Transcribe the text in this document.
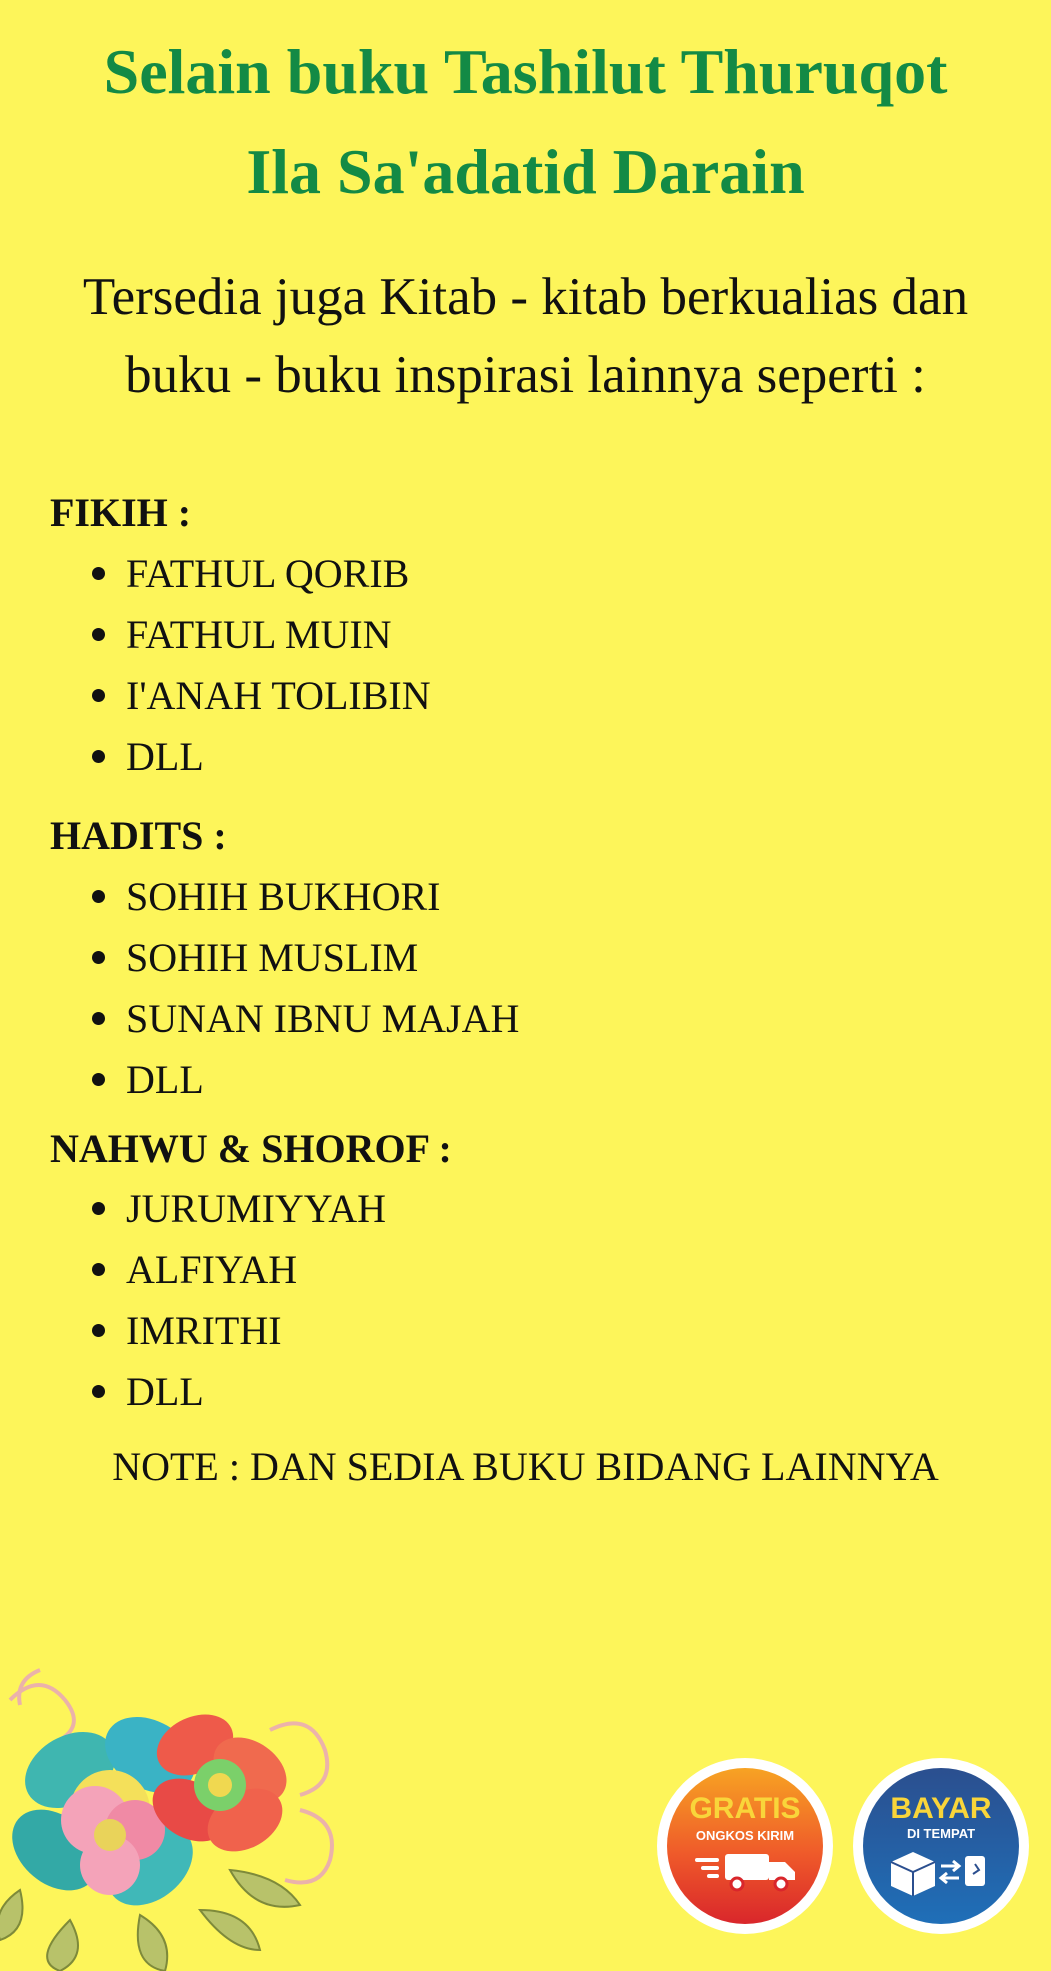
Selain buku Tashilut Thuruqot
Ila Sa'adatid Darain

Tersedia juga Kitab - kitab berkualias dan
buku - buku inspirasi lainnya seperti :

FIKIH :
FATHUL QORIB
FATHUL MUIN
I'ANAH TOLIBIN
DLL
HADITS :
SOHIH BUKHORI
SOHIH MUSLIM
SUNAN IBNU MAJAH
DLL
NAHWU & SHOROF :
JURUMIYYAH
ALFIYAH
IMRITHI
DLL

NOTE : DAN SEDIA BUKU BIDANG LAINNYA

GRATIS
ONGKOS KIRIM
BAYAR
DI TEMPAT
